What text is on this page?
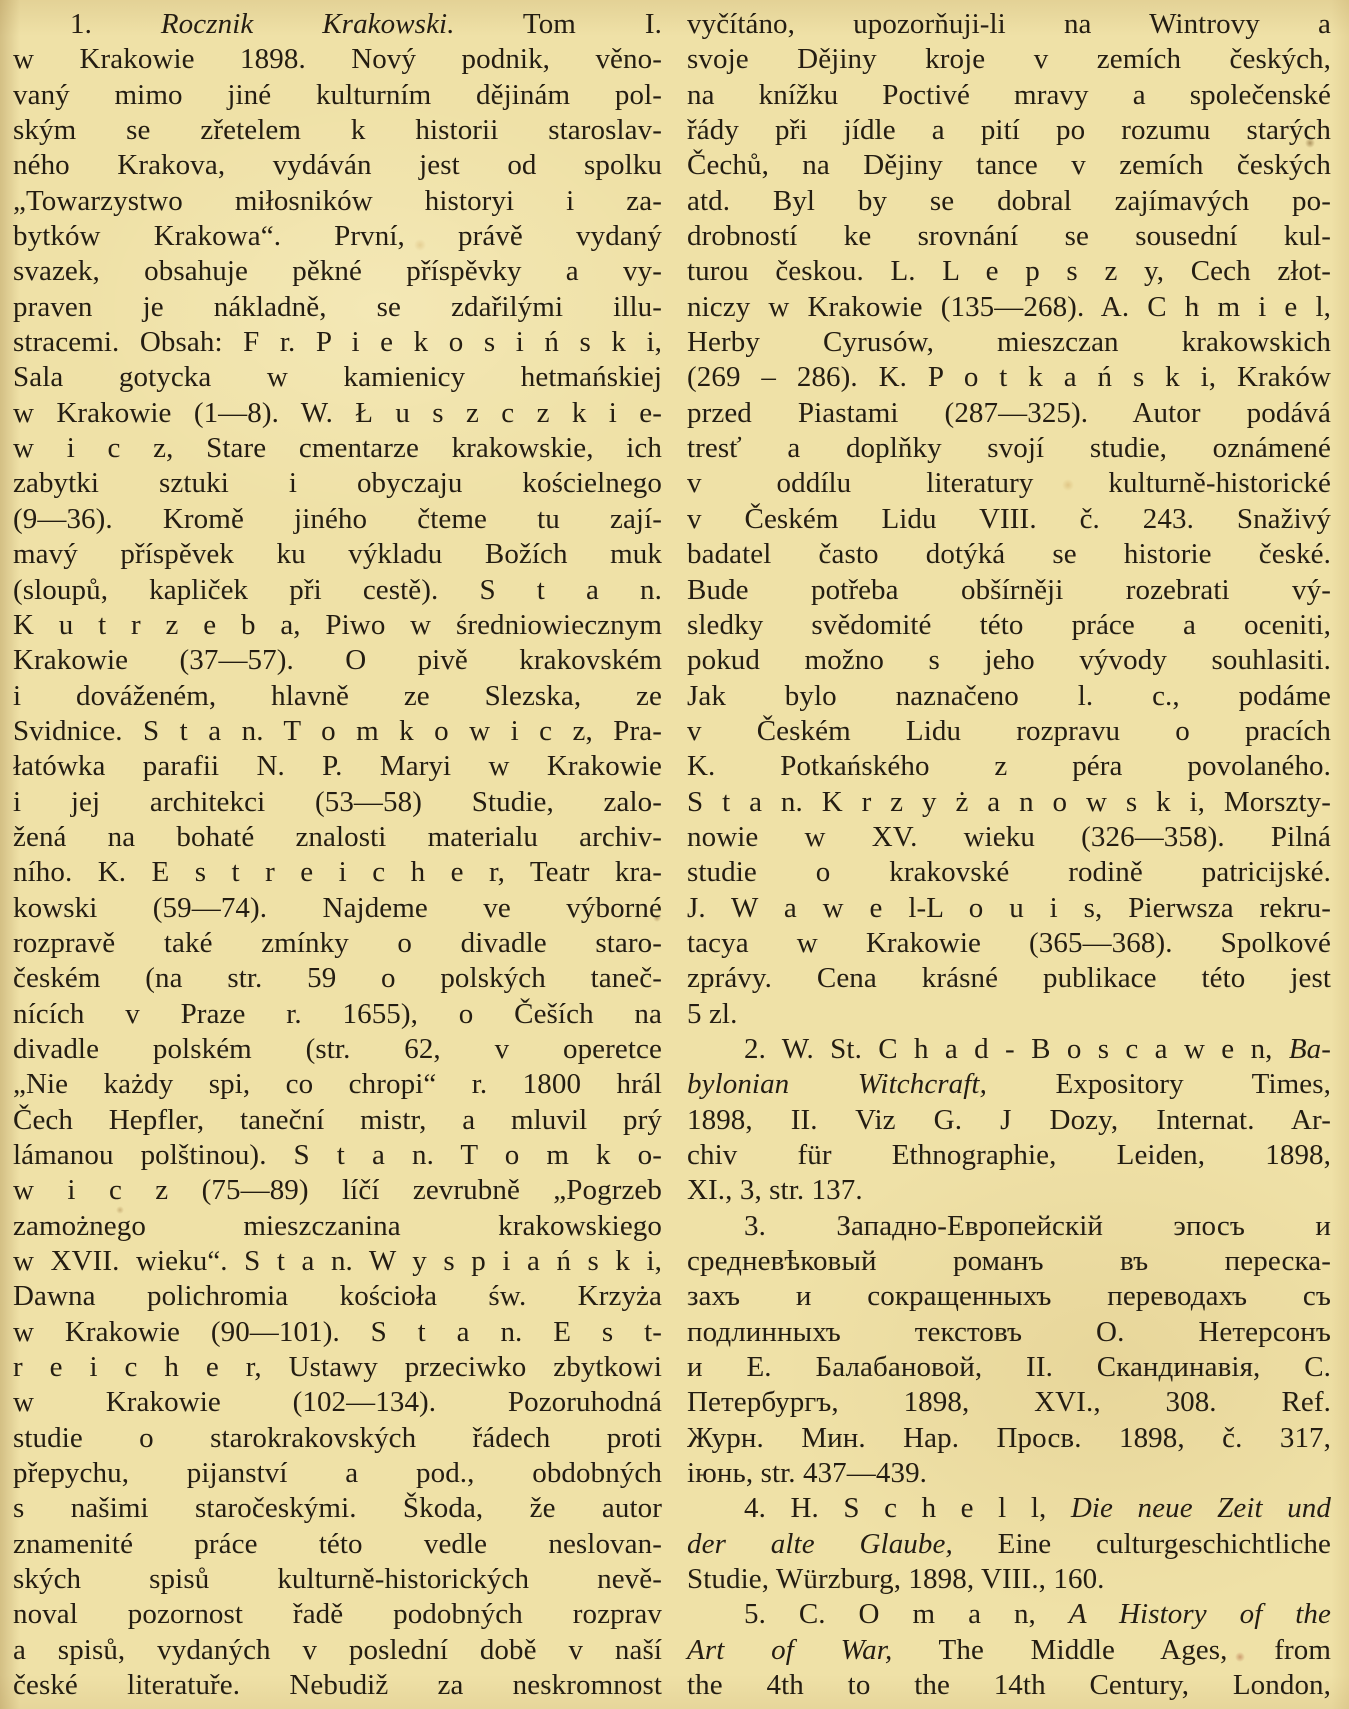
1. Rocznik Krakowski. Tom I.
w Krakowie 1898. Nový podnik, věno-
vaný mimo jiné kulturním dějinám pol-
ským se zřetelem k historii staroslav-
ného Krakova, vydáván jest od spolku
„Towarzystwo miłosników historyi i za-
bytków Krakowa“. První, právě vydaný
svazek, obsahuje pěkné příspěvky a vy-
praven je nákladně, se zdařilými illu-
stracemi. Obsah: F r. P i e k o s i ń s k i,
Sala gotycka w kamienicy hetmańskiej
w Krakowie (1—8). W. Ł u s z c z k i e-
w i c z, Stare cmentarze krakowskie, ich
zabytki sztuki i obyczaju kościelnego
(9—36). Kromě jiného čteme tu zají-
mavý příspěvek ku výkladu Božích muk
(sloupů, kapliček při cestě). S t a n.
K u t r z e b a, Piwo w średniowiecznym
Krakowie (37—57). O pivě krakovském
i dováženém, hlavně ze Slezska, ze
Svidnice. S t a n. T o m k o w i c z, Pra-
łatówka parafii N. P. Maryi w Krakowie
i jej architekci (53—58) Studie, zalo-
žená na bohaté znalosti materialu archiv-
ního. K. E s t r e i c h e r, Teatr kra-
kowski (59—74). Najdeme ve výborné
rozpravě také zmínky o divadle staro-
českém (na str. 59 o polských taneč-
nících v Praze r. 1655), o Češích na
divadle polském (str. 62, v operetce
„Nie każdy spi, co chropi“ r. 1800 hrál
Čech Hepfler, taneční mistr, a mluvil prý
lámanou polštinou). S t a n. T o m k o-
w i c z (75—89) líčí zevrubně „Pogrzeb
zamożnego mieszczanina krakowskiego
w XVII. wieku“. S t a n. W y s p i a ń s k i,
Dawna polichromia kościoła św. Krzyża
w Krakowie (90—101). S t a n. E s t-
r e i c h e r, Ustawy przeciwko zbytkowi
w Krakowie (102—134). Pozoruhodná
studie o starokrakovských řádech proti
přepychu, pijanství a pod., obdobných
s našimi staročeskými. Škoda, že autor
znamenité práce této vedle neslovan-
ských spisů kulturně-historických nevě-
noval pozornost řadě podobných rozprav
a spisů, vydaných v poslední době v naší
české literatuře. Nebudiž za neskromnost
vyčítáno, upozorňuji-li na Wintrovy a
svoje Dějiny kroje v zemích českých,
na knížku Poctivé mravy a společenské
řády při jídle a pití po rozumu starých
Čechů, na Dějiny tance v zemích českých
atd. Byl by se dobral zajímavých po-
drobností ke srovnání se sousední kul-
turou českou. L. L e p s z y, Cech złot-
niczy w Krakowie (135—268). A. C h m i e l,
Herby Cyrusów, mieszczan krakowskich
(269 – 286). K. P o t k a ń s k i, Kraków
przed Piastami (287—325). Autor podává
tresť a doplňky svojí studie, oznámené
v oddílu literatury kulturně-historické
v Českém Lidu VIII. č. 243. Snaživý
badatel často dotýká se historie české.
Bude potřeba obšírněji rozebrati vý-
sledky svědomité této práce a oceniti,
pokud možno s jeho vývody souhlasiti.
Jak bylo naznačeno l. c., podáme
v Českém Lidu rozpravu o pracích
K. Potkańského z péra povolaného.
S t a n. K r z y ż a n o w s k i, Morszty-
nowie w XV. wieku (326—358). Pilná
studie o krakovské rodině patricijské.
J. W a w e l-L o u i s, Pierwsza rekru-
tacya w Krakowie (365—368). Spolkové
zprávy. Cena krásné publikace této jest
5 zl.
2. W. St. C h a d - B o s c a w e n, Ba-
bylonian Witchcraft, Expository Times,
1898, II. Viz G. J Dozy, Internat. Ar-
chiv für Ethnographie, Leiden, 1898,
XI., 3, str. 137.
3. Западно-Европейскій эпосъ и
средневѣковый романъ въ переска-
захъ и сокращенныхъ переводахъ съ
подлинныхъ текстовъ О. Нетерсонъ
и Е. Балабановой, II. Скандинавія, С.
Петербургъ, 1898, XVI., 308. Ref.
Журн. Мин. Нар. Просв. 1898, č. 317,
іюнь, str. 437—439.
4. H. S c h e l l, Die neue Zeit und
der alte Glaube, Eine culturgeschichtliche
Studie, Würzburg, 1898, VIII., 160.
5. C. O m a n, A History of the
Art of War, The Middle Ages, from
the 4th to the 14th Century, London,
